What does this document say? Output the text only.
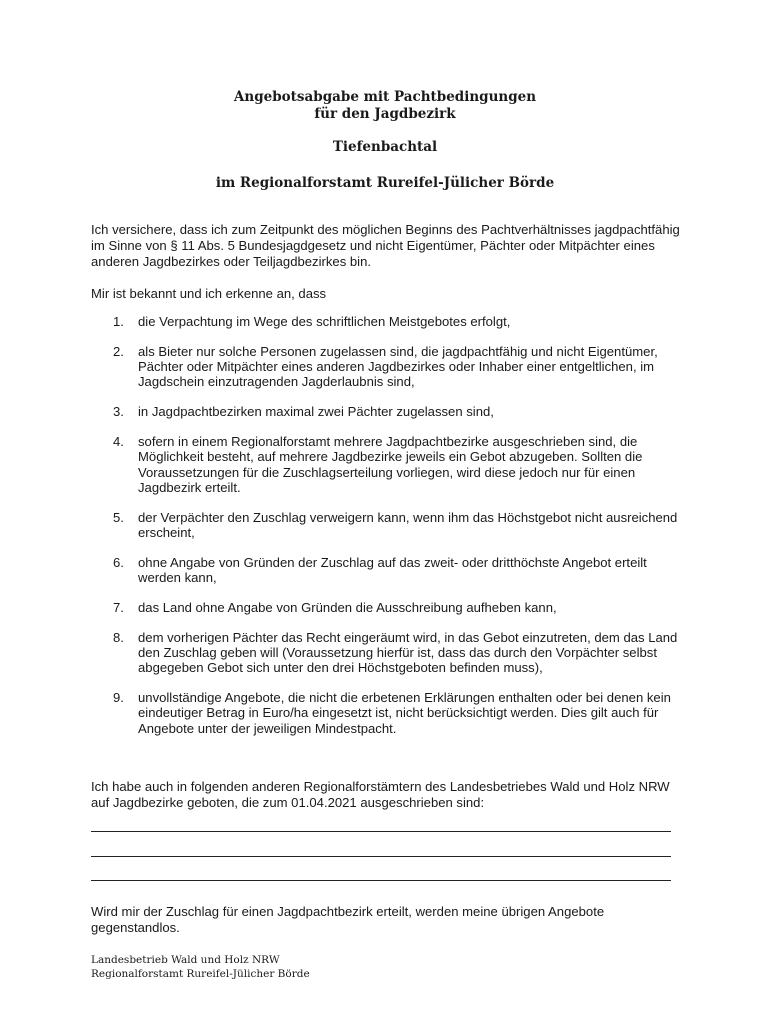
Angebotsabgabe mit Pachtbedingungen
für den Jagdbezirk
Tiefenbachtal
im Regionalforstamt Rureifel-Jülicher Börde
Ich versichere, dass ich zum Zeitpunkt des möglichen Beginns des Pachtverhältnisses jagdpachtfähig im Sinne von § 11 Abs. 5 Bundesjagdgesetz und nicht Eigentümer, Pächter oder Mitpächter eines anderen Jagdbezirkes oder Teiljagdbezirkes bin.
Mir ist bekannt und ich erkenne an, dass
1. die Verpachtung im Wege des schriftlichen Meistgebotes erfolgt,
2. als Bieter nur solche Personen zugelassen sind, die jagdpachtfähig und nicht Eigentümer, Pächter oder Mitpächter eines anderen Jagdbezirkes oder Inhaber einer entgeltlichen, im Jagdschein einzutragenden Jagderlaubnis sind,
3. in Jagdpachtbezirken maximal zwei Pächter zugelassen sind,
4. sofern in einem Regionalforstamt mehrere Jagdpachtbezirke ausgeschrieben sind, die Möglichkeit besteht, auf mehrere Jagdbezirke jeweils ein Gebot abzugeben. Sollten die Voraussetzungen für die Zuschlagserteilung vorliegen, wird diese jedoch nur für einen Jagdbezirk erteilt.
5. der Verpächter den Zuschlag verweigern kann, wenn ihm das Höchstgebot nicht ausreichend erscheint,
6. ohne Angabe von Gründen der Zuschlag auf das zweit- oder dritthöchste Angebot erteilt werden kann,
7. das Land ohne Angabe von Gründen die Ausschreibung aufheben kann,
8. dem vorherigen Pächter das Recht eingeräumt wird, in das Gebot einzutreten, dem das Land den Zuschlag geben will (Voraussetzung hierfür ist, dass das durch den Vorpächter selbst abgegeben Gebot sich unter den drei Höchstgeboten befinden muss),
9. unvollständige Angebote, die nicht die erbetenen Erklärungen enthalten oder bei denen kein eindeutiger Betrag in Euro/ha eingesetzt ist, nicht berücksichtigt werden. Dies gilt auch für Angebote unter der jeweiligen Mindestpacht.
Ich habe auch in folgenden anderen Regionalforstämtern des Landesbetriebes Wald und Holz NRW auf Jagdbezirke geboten, die zum 01.04.2021 ausgeschrieben sind:
Wird mir der Zuschlag für einen Jagdpachtbezirk erteilt, werden meine übrigen Angebote gegenstandlos.
Landesbetrieb Wald und Holz NRW
Regionalforstamt Rureifel-Jülicher Börde
